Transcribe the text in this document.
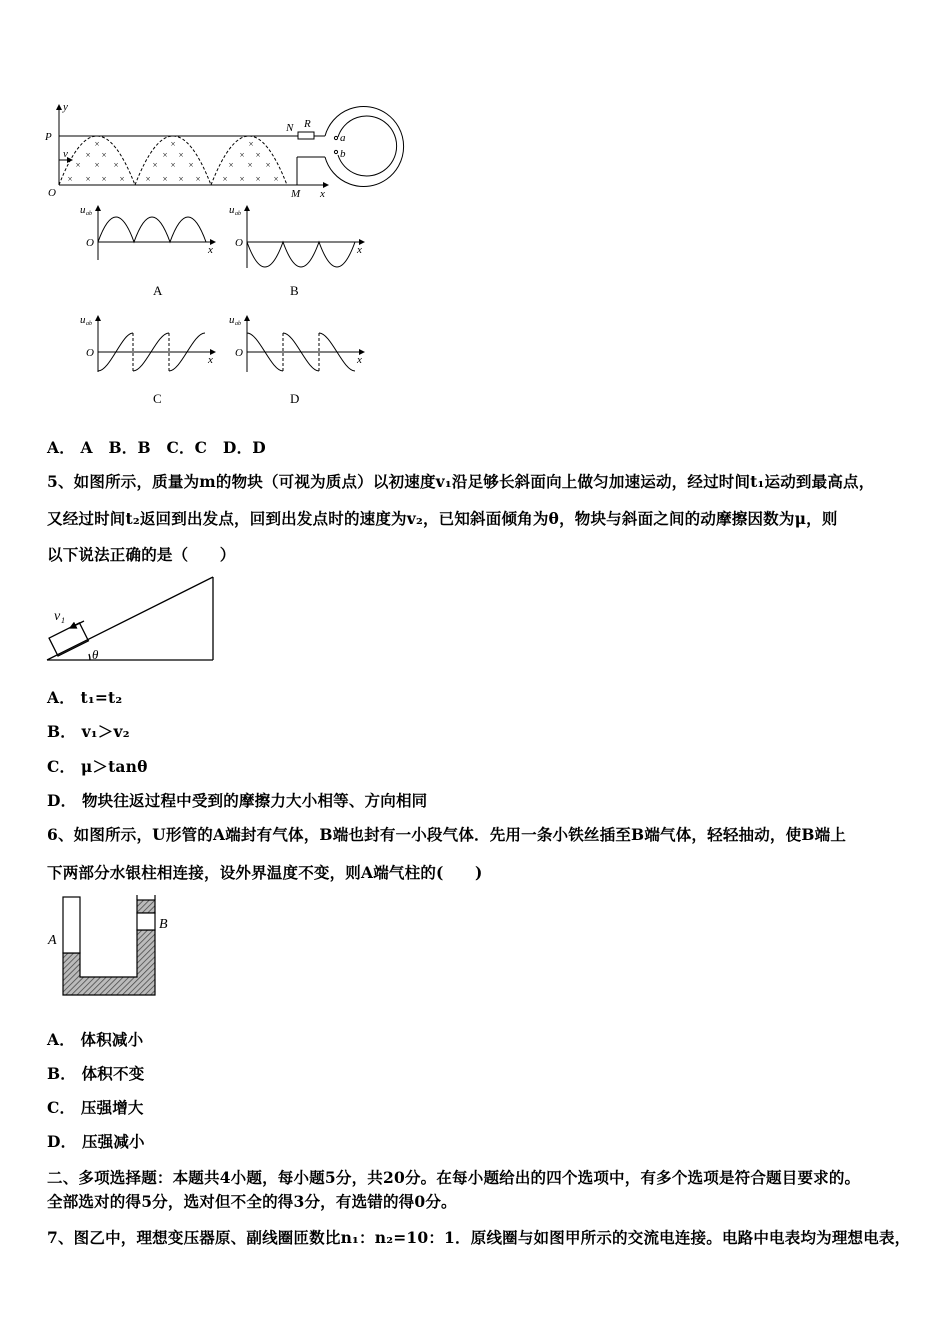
×
× ×
× × ×
× × × ×
×
× ×
× × ×
× × × ×
×
× ×
× × ×
× × × ×
y
P
v
O
N R
a
b
M x
u ab
O
x
u ab
O
x
u ab
O
x
u ab
O
x
A	B
C	D
A． A　B．B　C．C　D．D
5、如图所示，质量为m的物块（可视为质点）以初速度v₁沿足够长斜面向上做匀加速运动，经过时间t₁运动到最高点，
又经过时间t₂返回到出发点，回到出发点时的速度为v₂，已知斜面倾角为θ，物块与斜面之间的动摩擦因数为μ，则
以下说法正确的是（　　）
v₁
θ
A． t₁=t₂
B． v₁＞v₂
C． μ＞tanθ
D． 物块往返过程中受到的摩擦力大小相等、方向相同
6、如图所示，U形管的A端封有气体，B端也封有一小段气体．先用一条小铁丝插至B端气体，轻轻抽动，使B端上
下两部分水银柱相连接，设外界温度不变，则A端气柱的(　　)
A
B
A． 体积减小
B． 体积不变
C． 压强增大
D． 压强减小
二、多项选择题：本题共4小题，每小题5分，共20分。在每小题给出的四个选项中，有多个选项是符合题目要求的。
全部选对的得5分，选对但不全的得3分，有选错的得0分。
7、图乙中，理想变压器原、副线圈匝数比n₁：n₂=10：1．原线圈与如图甲所示的交流电连接。电路中电表均为理想电表，
